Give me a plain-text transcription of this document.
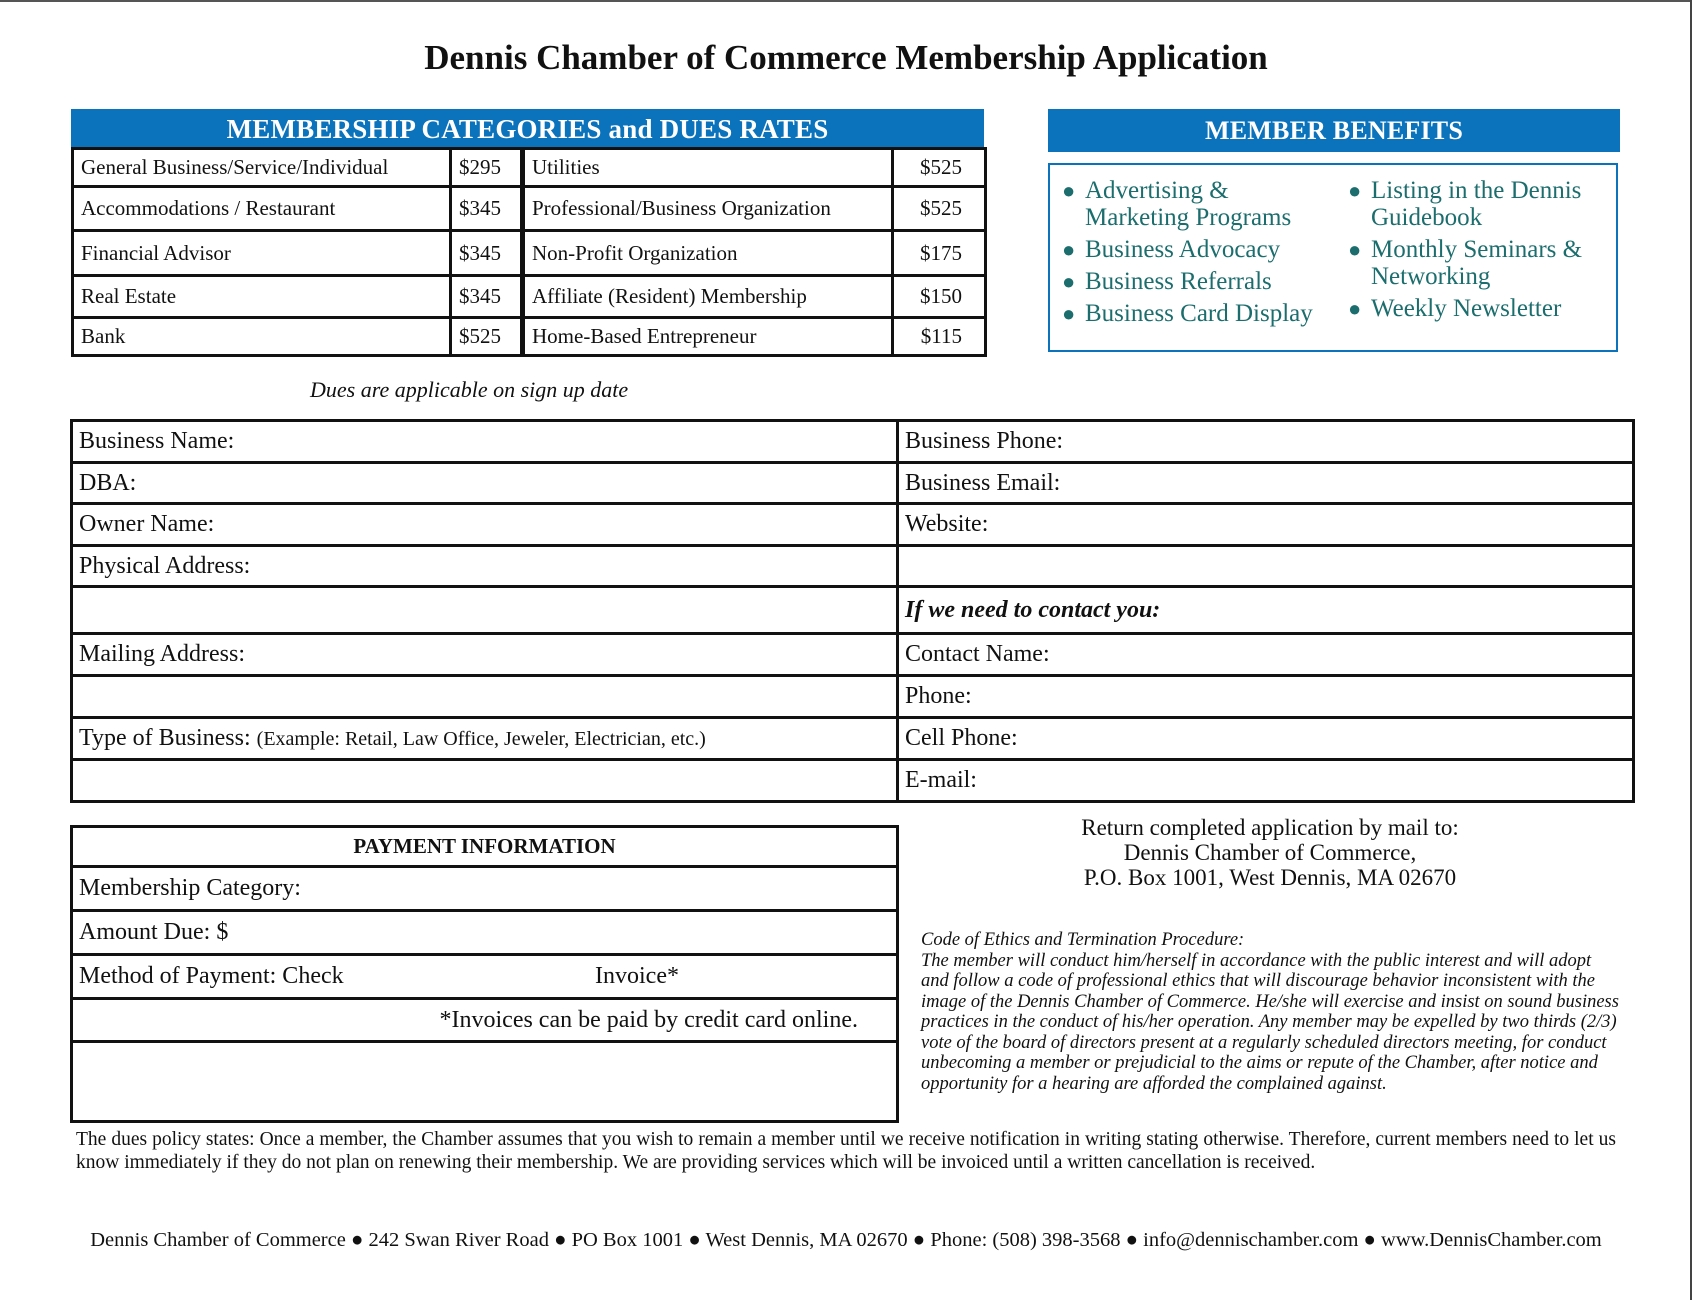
Dennis Chamber of Commerce Membership Application
MEMBERSHIP CATEGORIES and DUES RATES
General Business/Service/Individual	$295	Utilities	$525
Accommodations / Restaurant	$345	Professional/Business Organization	$525
Financial Advisor	$345	Non-Profit Organization	$175
Real Estate	$345	Affiliate (Resident) Membership	$150
Bank	$525	Home-Based Entrepreneur	$115
MEMBER BENEFITS
● Advertising & Marketing Programs
● Business Advocacy
● Business Referrals
● Business Card Display
● Listing in the Dennis Guidebook
● Monthly Seminars & Networking
● Weekly Newsletter
Dues are applicable on sign up date
Business Name:	Business Phone:
DBA:	Business Email:
Owner Name:	Website:
Physical Address:	
	If we need to contact you:
Mailing Address:	Contact Name:
	Phone:
Type of Business: (Example: Retail, Law Office, Jeweler, Electrician, etc.)	Cell Phone:
	E-mail:
PAYMENT INFORMATION
Membership Category:
Amount Due: $
Method of Payment: Check	Invoice*

*Invoices can be paid by credit card online.

Return completed application by mail to:
Dennis Chamber of Commerce,
P.O. Box 1001, West Dennis, MA 02670
Code of Ethics and Termination Procedure:
The member will conduct him/herself in accordance with the public interest and will adopt and follow a code of professional ethics that will discourage behavior inconsistent with the image of the Dennis Chamber of Commerce. He/she will exercise and insist on sound business practices in the conduct of his/her operation. Any member may be expelled by two thirds (2/3) vote of the board of directors present at a regularly scheduled directors meeting, for conduct unbecoming a member or prejudicial to the aims or repute of the Chamber, after notice and opportunity for a hearing are afforded the complained against.
The dues policy states: Once a member, the Chamber assumes that you wish to remain a member until we receive notification in writing stating otherwise. Therefore, current members need to let us know immediately if they do not plan on renewing their membership. We are providing services which will be invoiced until a written cancellation is received.
Dennis Chamber of Commerce ● 242 Swan River Road ● PO Box 1001 ● West Dennis, MA 02670 ● Phone: (508) 398-3568 ● info@dennischamber.com ● www.DennisChamber.com
